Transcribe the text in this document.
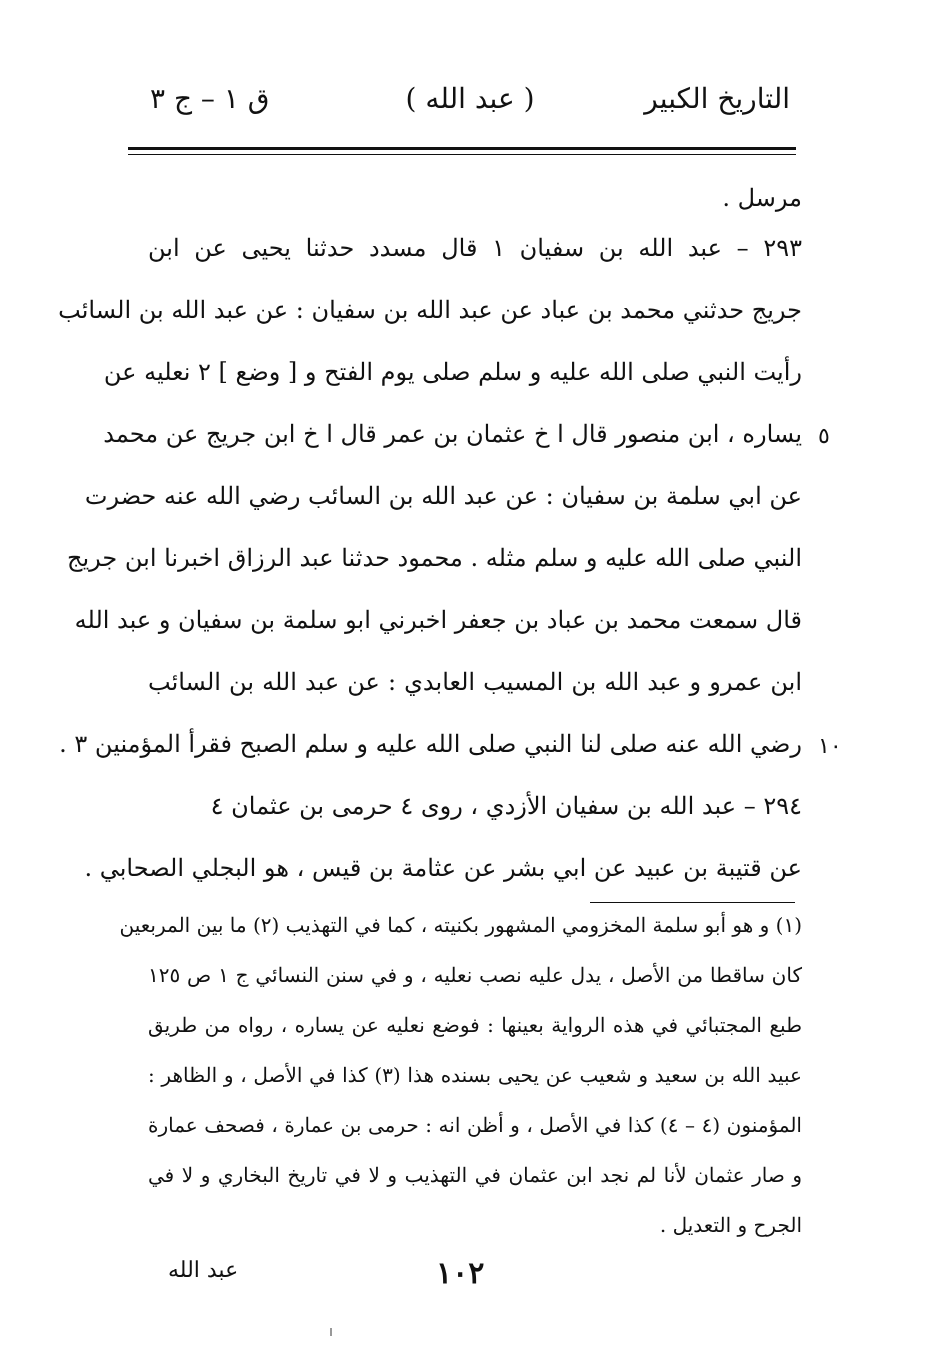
التاريخ الكبير
( عبد الله )
ق ١ – ج ٣
مرسل .
٢٩٣ – عبد الله بن سفيان ١ قال مسدد حدثنا يحيى عن ابن
جريج حدثني محمد بن عباد عن عبد الله بن سفيان : عن عبد الله بن السائب
رأيت النبي صلى الله عليه و سلم صلى يوم الفتح و [ وضع ] ٢ نعليه عن
يساره ، ابن منصور قال ا خ عثمان بن عمر قال ا خ ابن جريج عن محمد
عن ابي سلمة بن سفيان : عن عبد الله بن السائب رضي الله عنه حضرت
النبي صلى الله عليه و سلم مثله . محمود حدثنا عبد الرزاق اخبرنا ابن جريج
قال سمعت محمد بن عباد بن جعفر اخبرني ابو سلمة بن سفيان و عبد الله
ابن عمرو و عبد الله بن المسيب العابدي : عن عبد الله بن السائب
رضي الله عنه صلى لنا النبي صلى الله عليه و سلم الصبح فقرأ المؤمنين ٣ .
٢٩٤ – عبد الله بن سفيان الأزدي ، روى ٤ حرمى بن عثمان ٤
عن قتيبة بن عبيد عن ابي بشر عن عثامة بن قيس ، هو البجلي الصحابي .
٥
١٠
(١) و هو أبو سلمة المخزومي المشهور بكنيته ، كما في التهذيب (٢) ما بين المربعين
كان ساقطا من الأصل ، يدل عليه نصب نعليه ، و في سنن النسائي ج ١ ص ١٢٥
طبع المجتبائي في هذه الرواية بعينها : فوضع نعليه عن يساره ، رواه من طريق
عبيد الله بن سعيد و شعيب عن يحيى بسنده هذا (٣) كذا في الأصل ، و الظاهر :
المؤمنون (٤ – ٤) كذا في الأصل ، و أظن انه : حرمى بن عمارة ، فصحف عمارة
و صار عثمان لأنا لم نجد ابن عثمان في التهذيب و لا في تاريخ البخاري و لا في
الجرح و التعديل .
عبد الله	١٠٢
